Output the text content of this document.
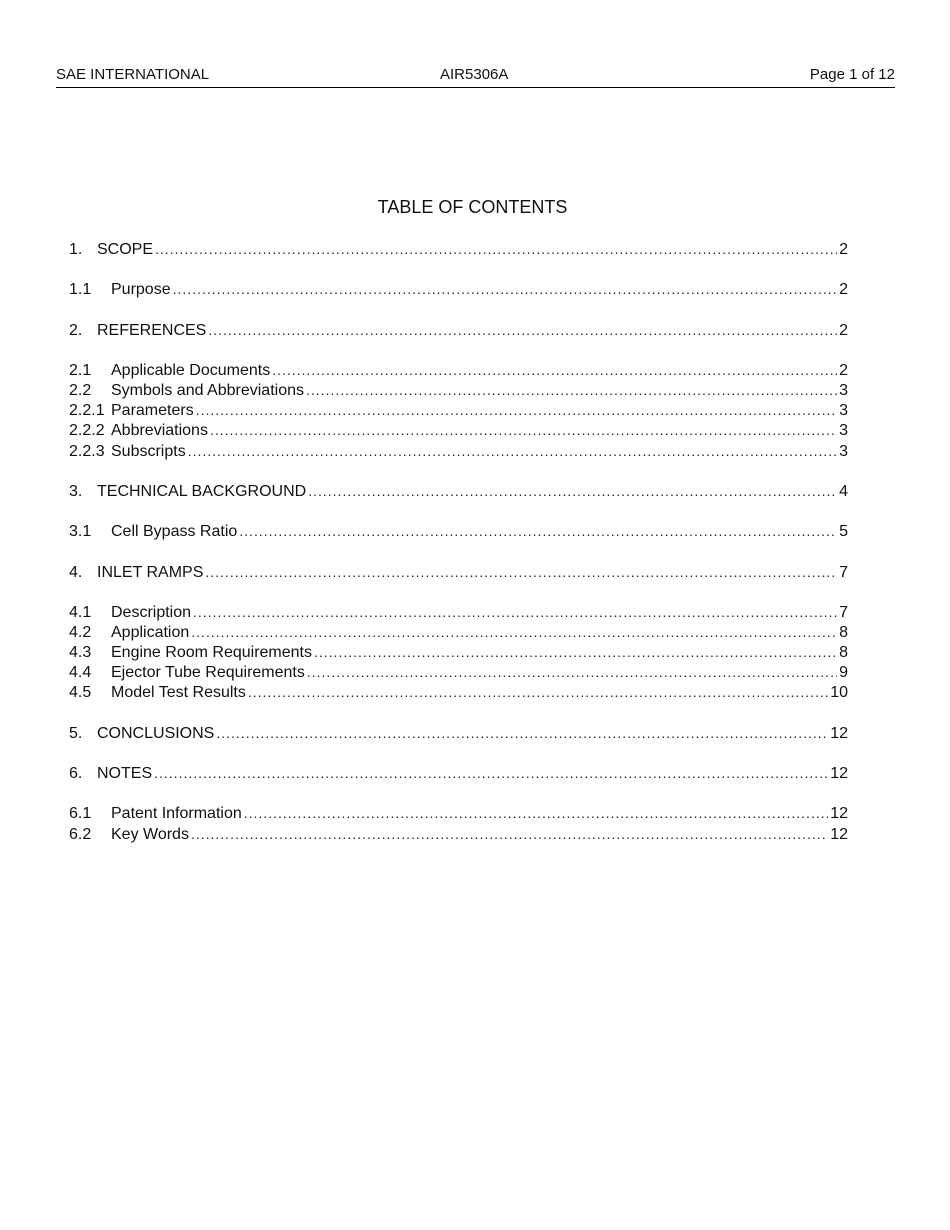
SAE INTERNATIONAL	AIR5306A	Page 1 of 12
TABLE OF CONTENTS
1. SCOPE .....	2
1.1	Purpose .....	2
2. REFERENCES .....	2
2.1	Applicable Documents .....	2
2.2	Symbols and Abbreviations .....	3
2.2.1 Parameters .....	3
2.2.2 Abbreviations .....	3
2.2.3 Subscripts .....	3
3. TECHNICAL BACKGROUND .....	4
3.1	Cell Bypass Ratio .....	5
4. INLET RAMPS .....	7
4.1	Description .....	7
4.2	Application .....	8
4.3	Engine Room Requirements .....	8
4.4	Ejector Tube Requirements .....	9
4.5	Model Test Results .....	10
5. CONCLUSIONS .....	12
6. NOTES .....	12
6.1	Patent Information .....	12
6.2	Key Words .....	12
